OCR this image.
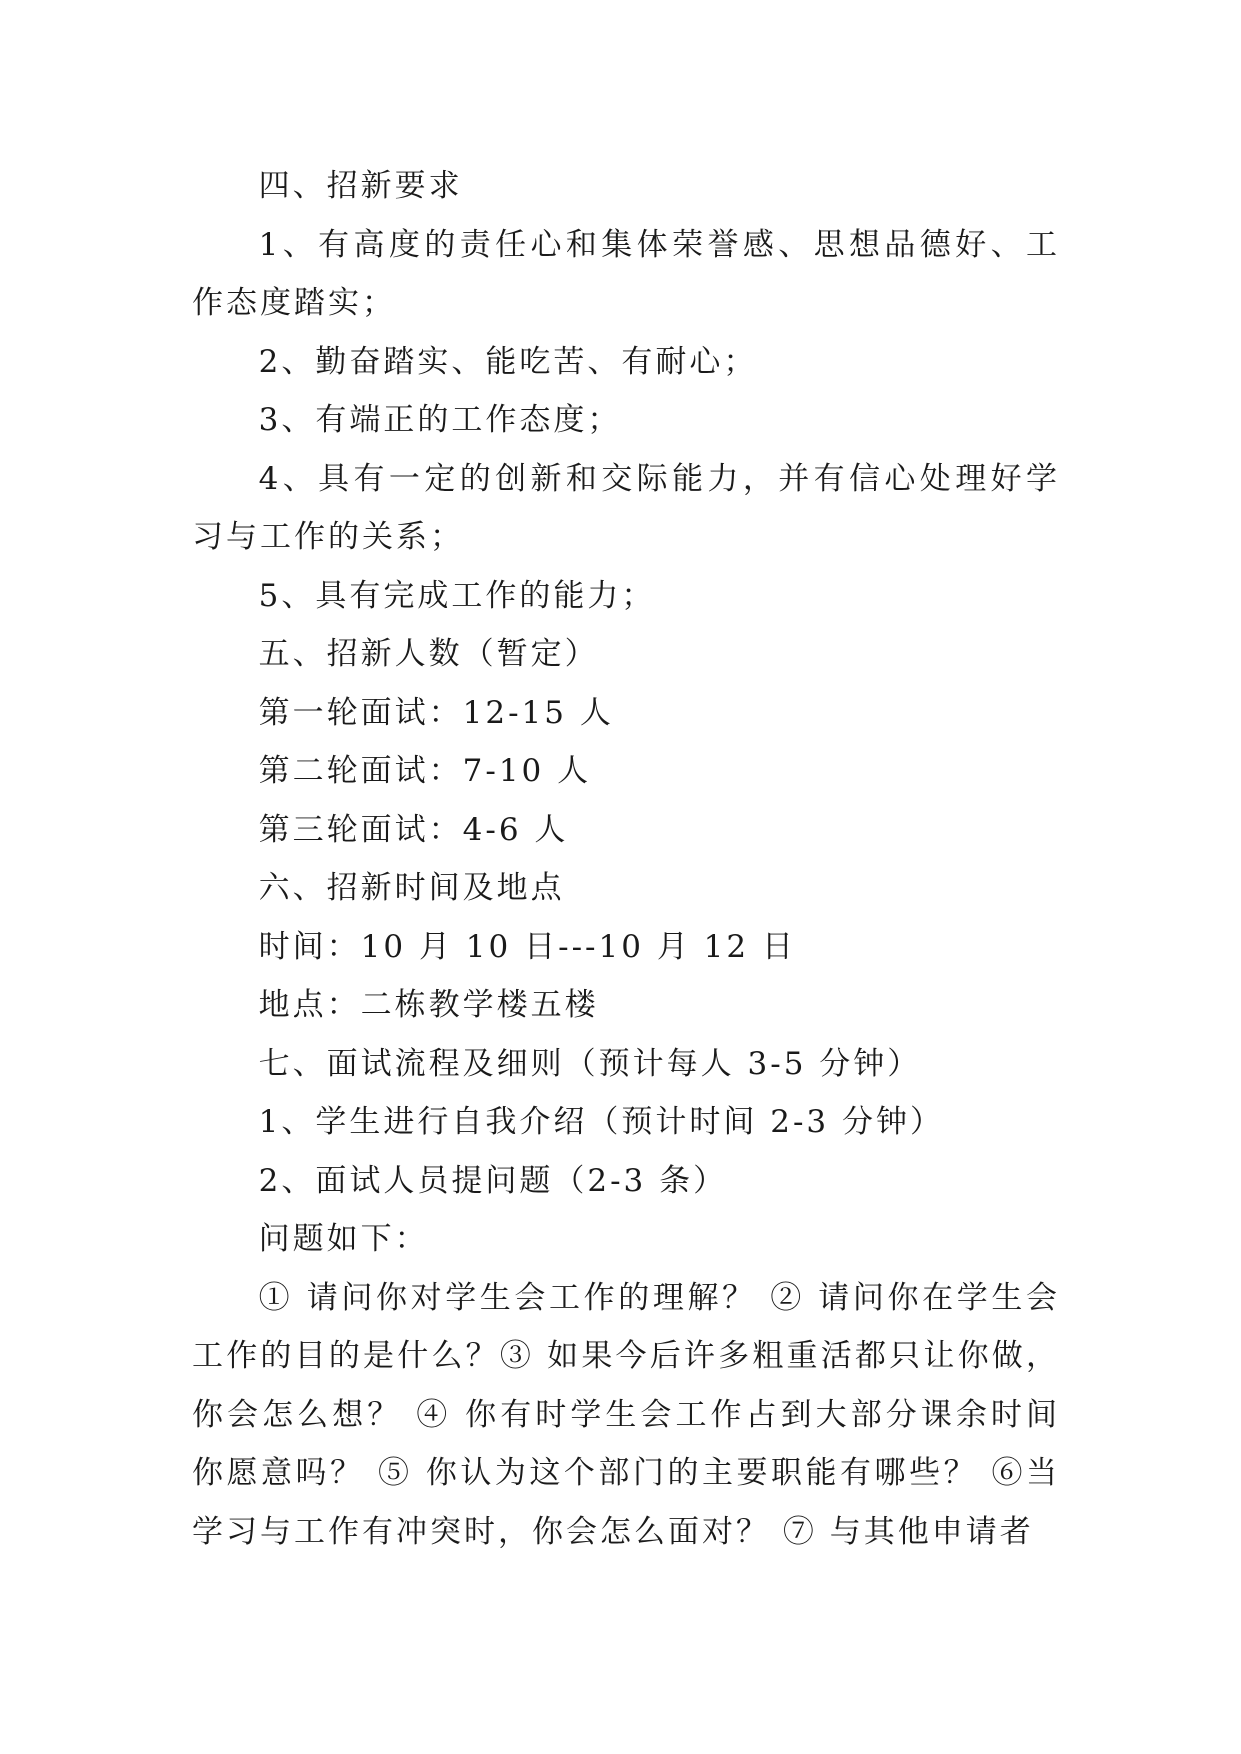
四、招新要求

1、有高度的责任心和集体荣誉感、思想品德好、工作态度踏实；

2、勤奋踏实、能吃苦、有耐心；

3、有端正的工作态度；

4、具有一定的创新和交际能力，并有信心处理好学习与工作的关系；

5、具有完成工作的能力；

五、招新人数（暂定）

第一轮面试：12-15 人

第二轮面试：7-10 人

第三轮面试：4-6 人

六、招新时间及地点

时间：10 月 10 日---10 月 12 日

地点：二栋教学楼五楼

七、面试流程及细则（预计每人 3-5 分钟）

1、学生进行自我介绍（预计时间 2-3 分钟）

2、面试人员提问题（2-3 条）

问题如下：

① 请问你对学生会工作的理解？ ② 请问你在学生会工作的目的是什么？③ 如果今后许多粗重活都只让你做，你会怎么想？ ④ 你有时学生会工作占到大部分课余时间你愿意吗？ ⑤ 你认为这个部门的主要职能有哪些？ ⑥当学习与工作有冲突时，你会怎么面对？ ⑦ 与其他申请者
